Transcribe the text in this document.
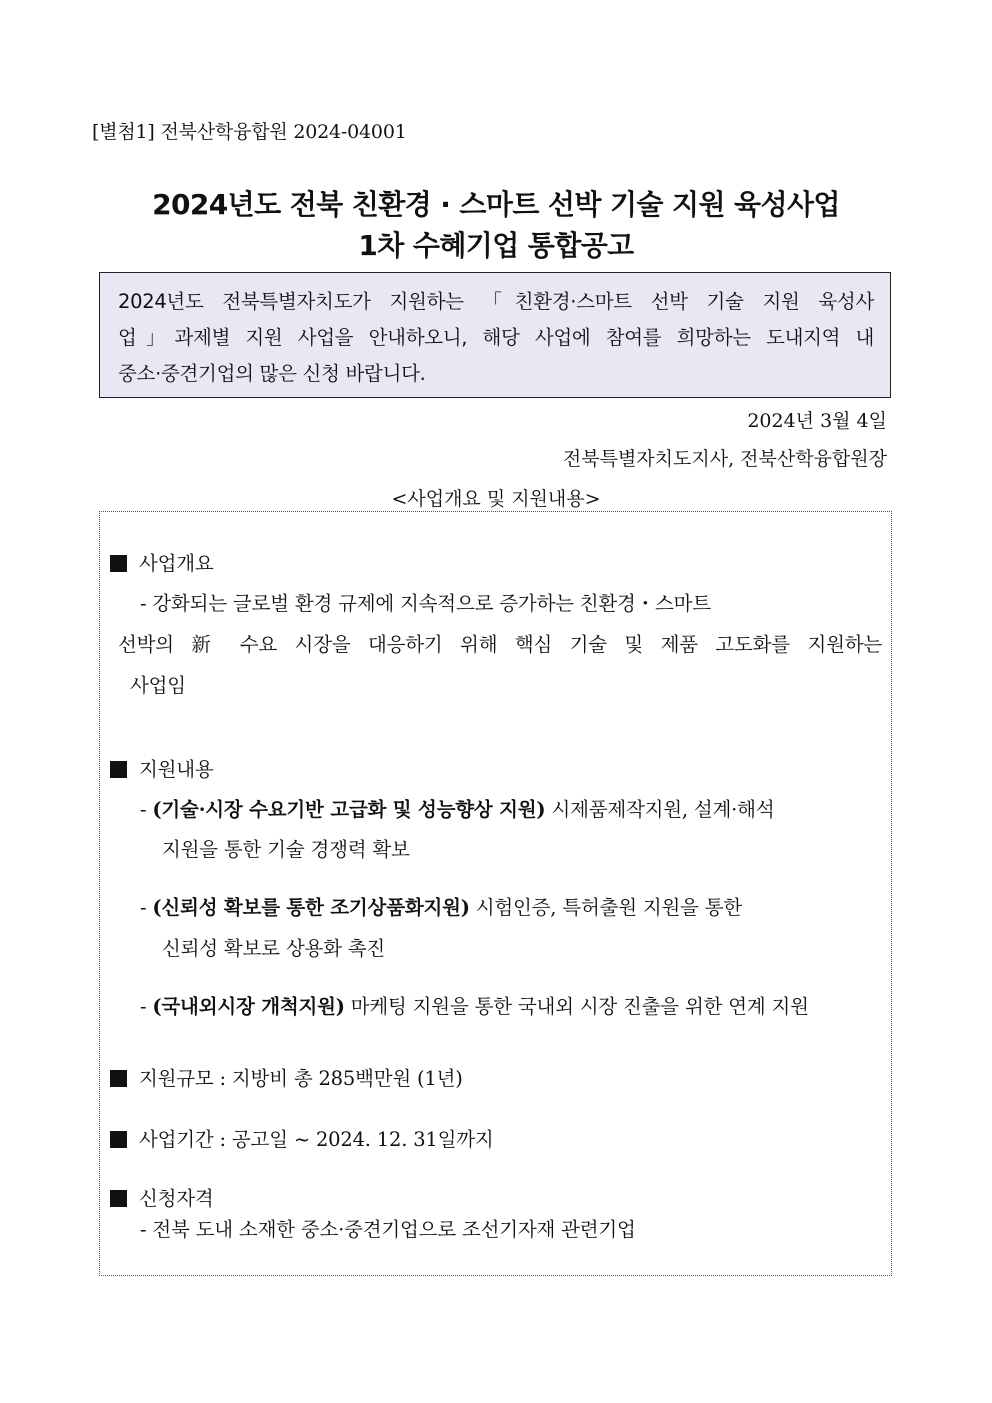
[별첨1] 전북산학융합원 2024-04001
2024년도 전북 친환경 · 스마트 선박 기술 지원 육성사업
1차 수혜기업 통합공고

2024년도 전북특별자치도가 지원하는 「친환경·스마트 선박 기술 지원 육성사

업」과제별 지원 사업을 안내하오니, 해당 사업에 참여를 희망하는 도내지역 내

중소·중견기업의 많은 신청 바랍니다.

2024년 3월 4일
전북특별자치도지사, 전북산학융합원장
<사업개요 및 지원내용>
사업개요
- 강화되는 글로벌 환경 규제에 지속적으로 증가하는 친환경・스마트
선박의 新 수요 시장을 대응하기 위해 핵심 기술 및 제품 고도화를 지원하는
사업임
지원내용
- (기술·시장 수요기반 고급화 및 성능향상 지원) 시제품제작지원, 설계·해석
지원을 통한 기술 경쟁력 확보
- (신뢰성 확보를 통한 조기상품화지원) 시험인증, 특허출원 지원을 통한
신뢰성 확보로 상용화 촉진
- (국내외시장 개척지원) 마케팅 지원을 통한 국내외 시장 진출을 위한 연계 지원
지원규모 : 지방비 총 285백만원 (1년)
사업기간 : 공고일 ~ 2024. 12. 31일까지
신청자격
- 전북 도내 소재한 중소·중견기업으로 조선기자재 관련기업
